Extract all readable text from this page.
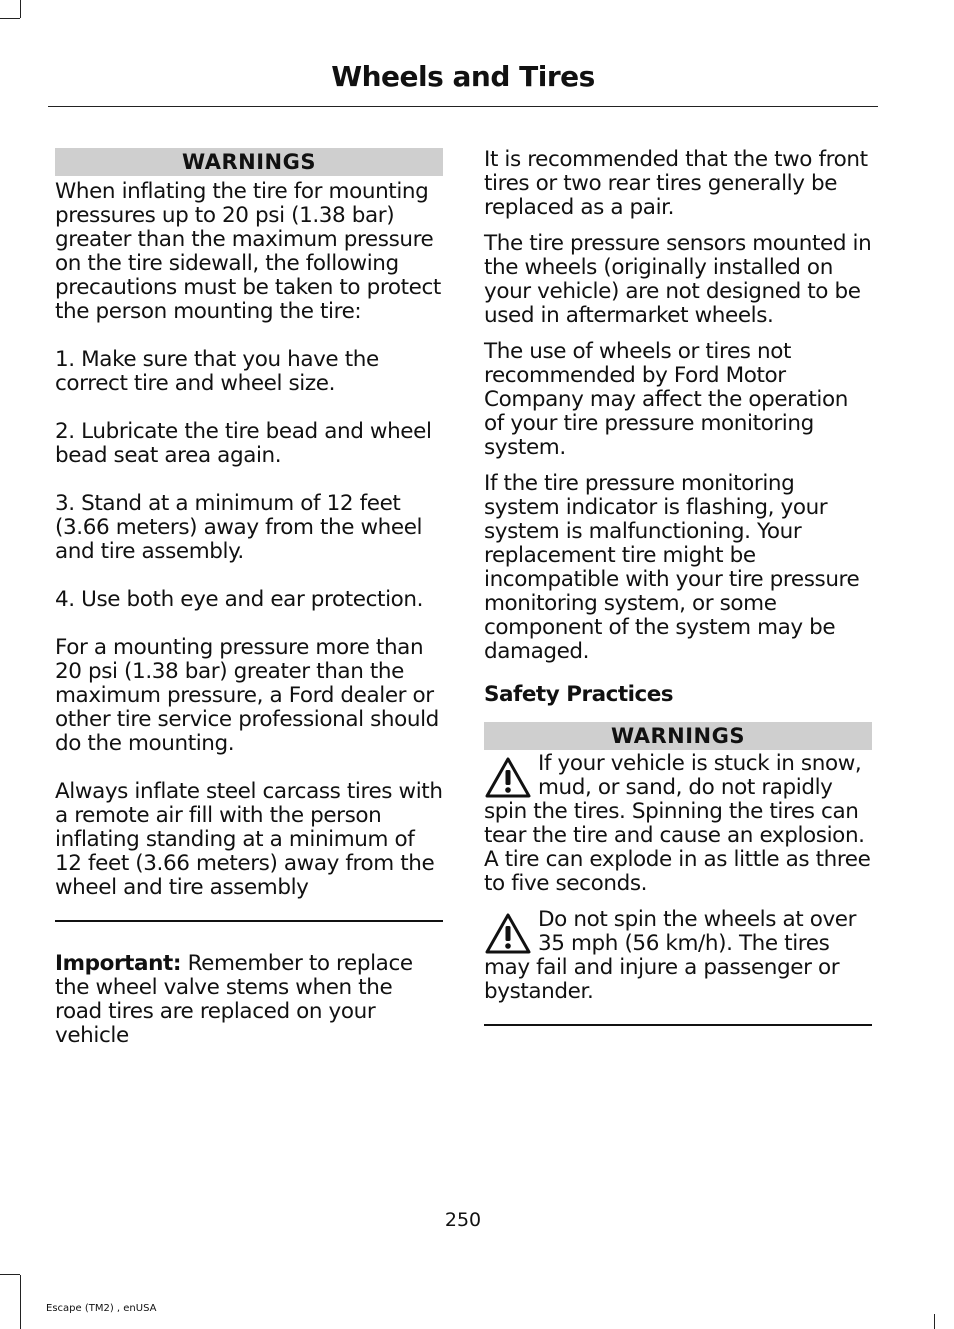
Wheels and Tires
WARNINGS

When inflating the tire for mounting pressures up to 20 psi (1.38 bar) greater than the maximum pressure on the tire sidewall, the following precautions must be taken to protect the person mounting the tire:

1. Make sure that you have the correct tire and wheel size.

2. Lubricate the tire bead and wheel bead seat area again.

3. Stand at a minimum of 12 feet (3.66 meters) away from the wheel and tire assembly.

4. Use both eye and ear protection.

For a mounting pressure more than 20 psi (1.38 bar) greater than the maximum pressure, a Ford dealer or other tire service professional should do the mounting.

Always inflate steel carcass tires with a remote air fill with the person inflating standing at a minimum of 12 feet (3.66 meters) away from the wheel and tire assembly

Important: Remember to replace the wheel valve stems when the road tires are replaced on your vehicle

It is recommended that the two front tires or two rear tires generally be replaced as a pair.

The tire pressure sensors mounted in the wheels (originally installed on your vehicle) are not designed to be used in aftermarket wheels.

The use of wheels or tires not recommended by Ford Motor Company may affect the operation of your tire pressure monitoring system.

If the tire pressure monitoring system indicator is flashing, your system is malfunctioning. Your replacement tire might be incompatible with your tire pressure monitoring system, or some component of the system may be damaged.

Safety Practices
WARNINGS
If your vehicle is stuck in snow, mud, or sand, do not rapidly spin the tires. Spinning the tires can tear the tire and cause an explosion. A tire can explode in as little as three to five seconds.
Do not spin the wheels at over 35 mph (56 km/h). The tires may fail and injure a passenger or bystander.
250
Escape (TM2) , enUSA
